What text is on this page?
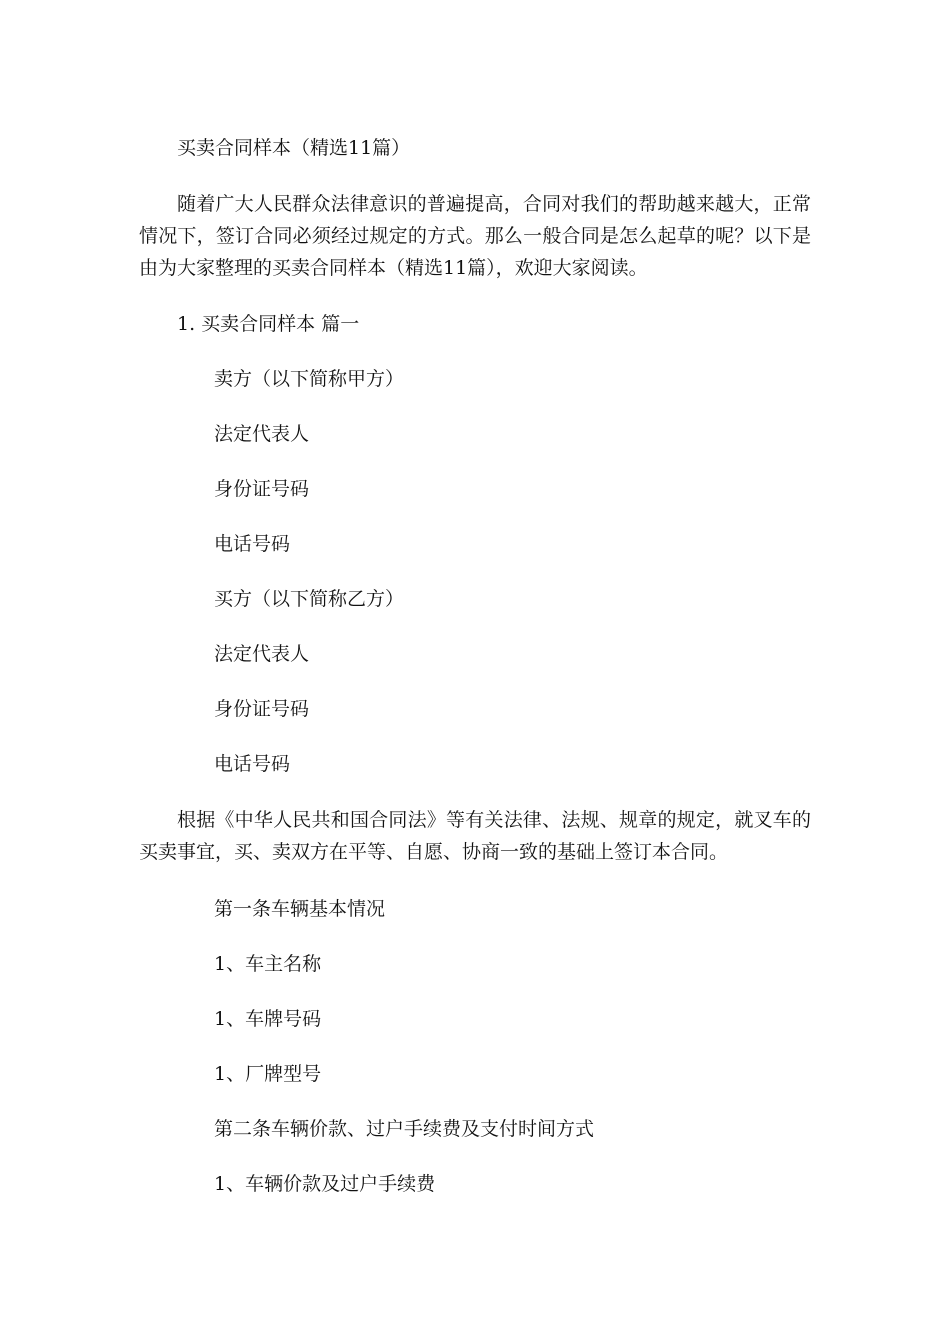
买卖合同样本（精选11篇）
随着广大人民群众法律意识的普遍提高，合同对我们的帮助越来越大，正常情况下，签订合同必须经过规定的方式。那么一般合同是怎么起草的呢？以下是由为大家整理的买卖合同样本（精选11篇），欢迎大家阅读。
1. 买卖合同样本 篇一
卖方（以下简称甲方）
法定代表人
身份证号码
电话号码
买方（以下简称乙方）
法定代表人
身份证号码
电话号码
根据《中华人民共和国合同法》等有关法律、法规、规章的规定，就叉车的买卖事宜，买、卖双方在平等、自愿、协商一致的基础上签订本合同。
第一条车辆基本情况
1、车主名称
1、车牌号码
1、厂牌型号
第二条车辆价款、过户手续费及支付时间方式
1、车辆价款及过户手续费
